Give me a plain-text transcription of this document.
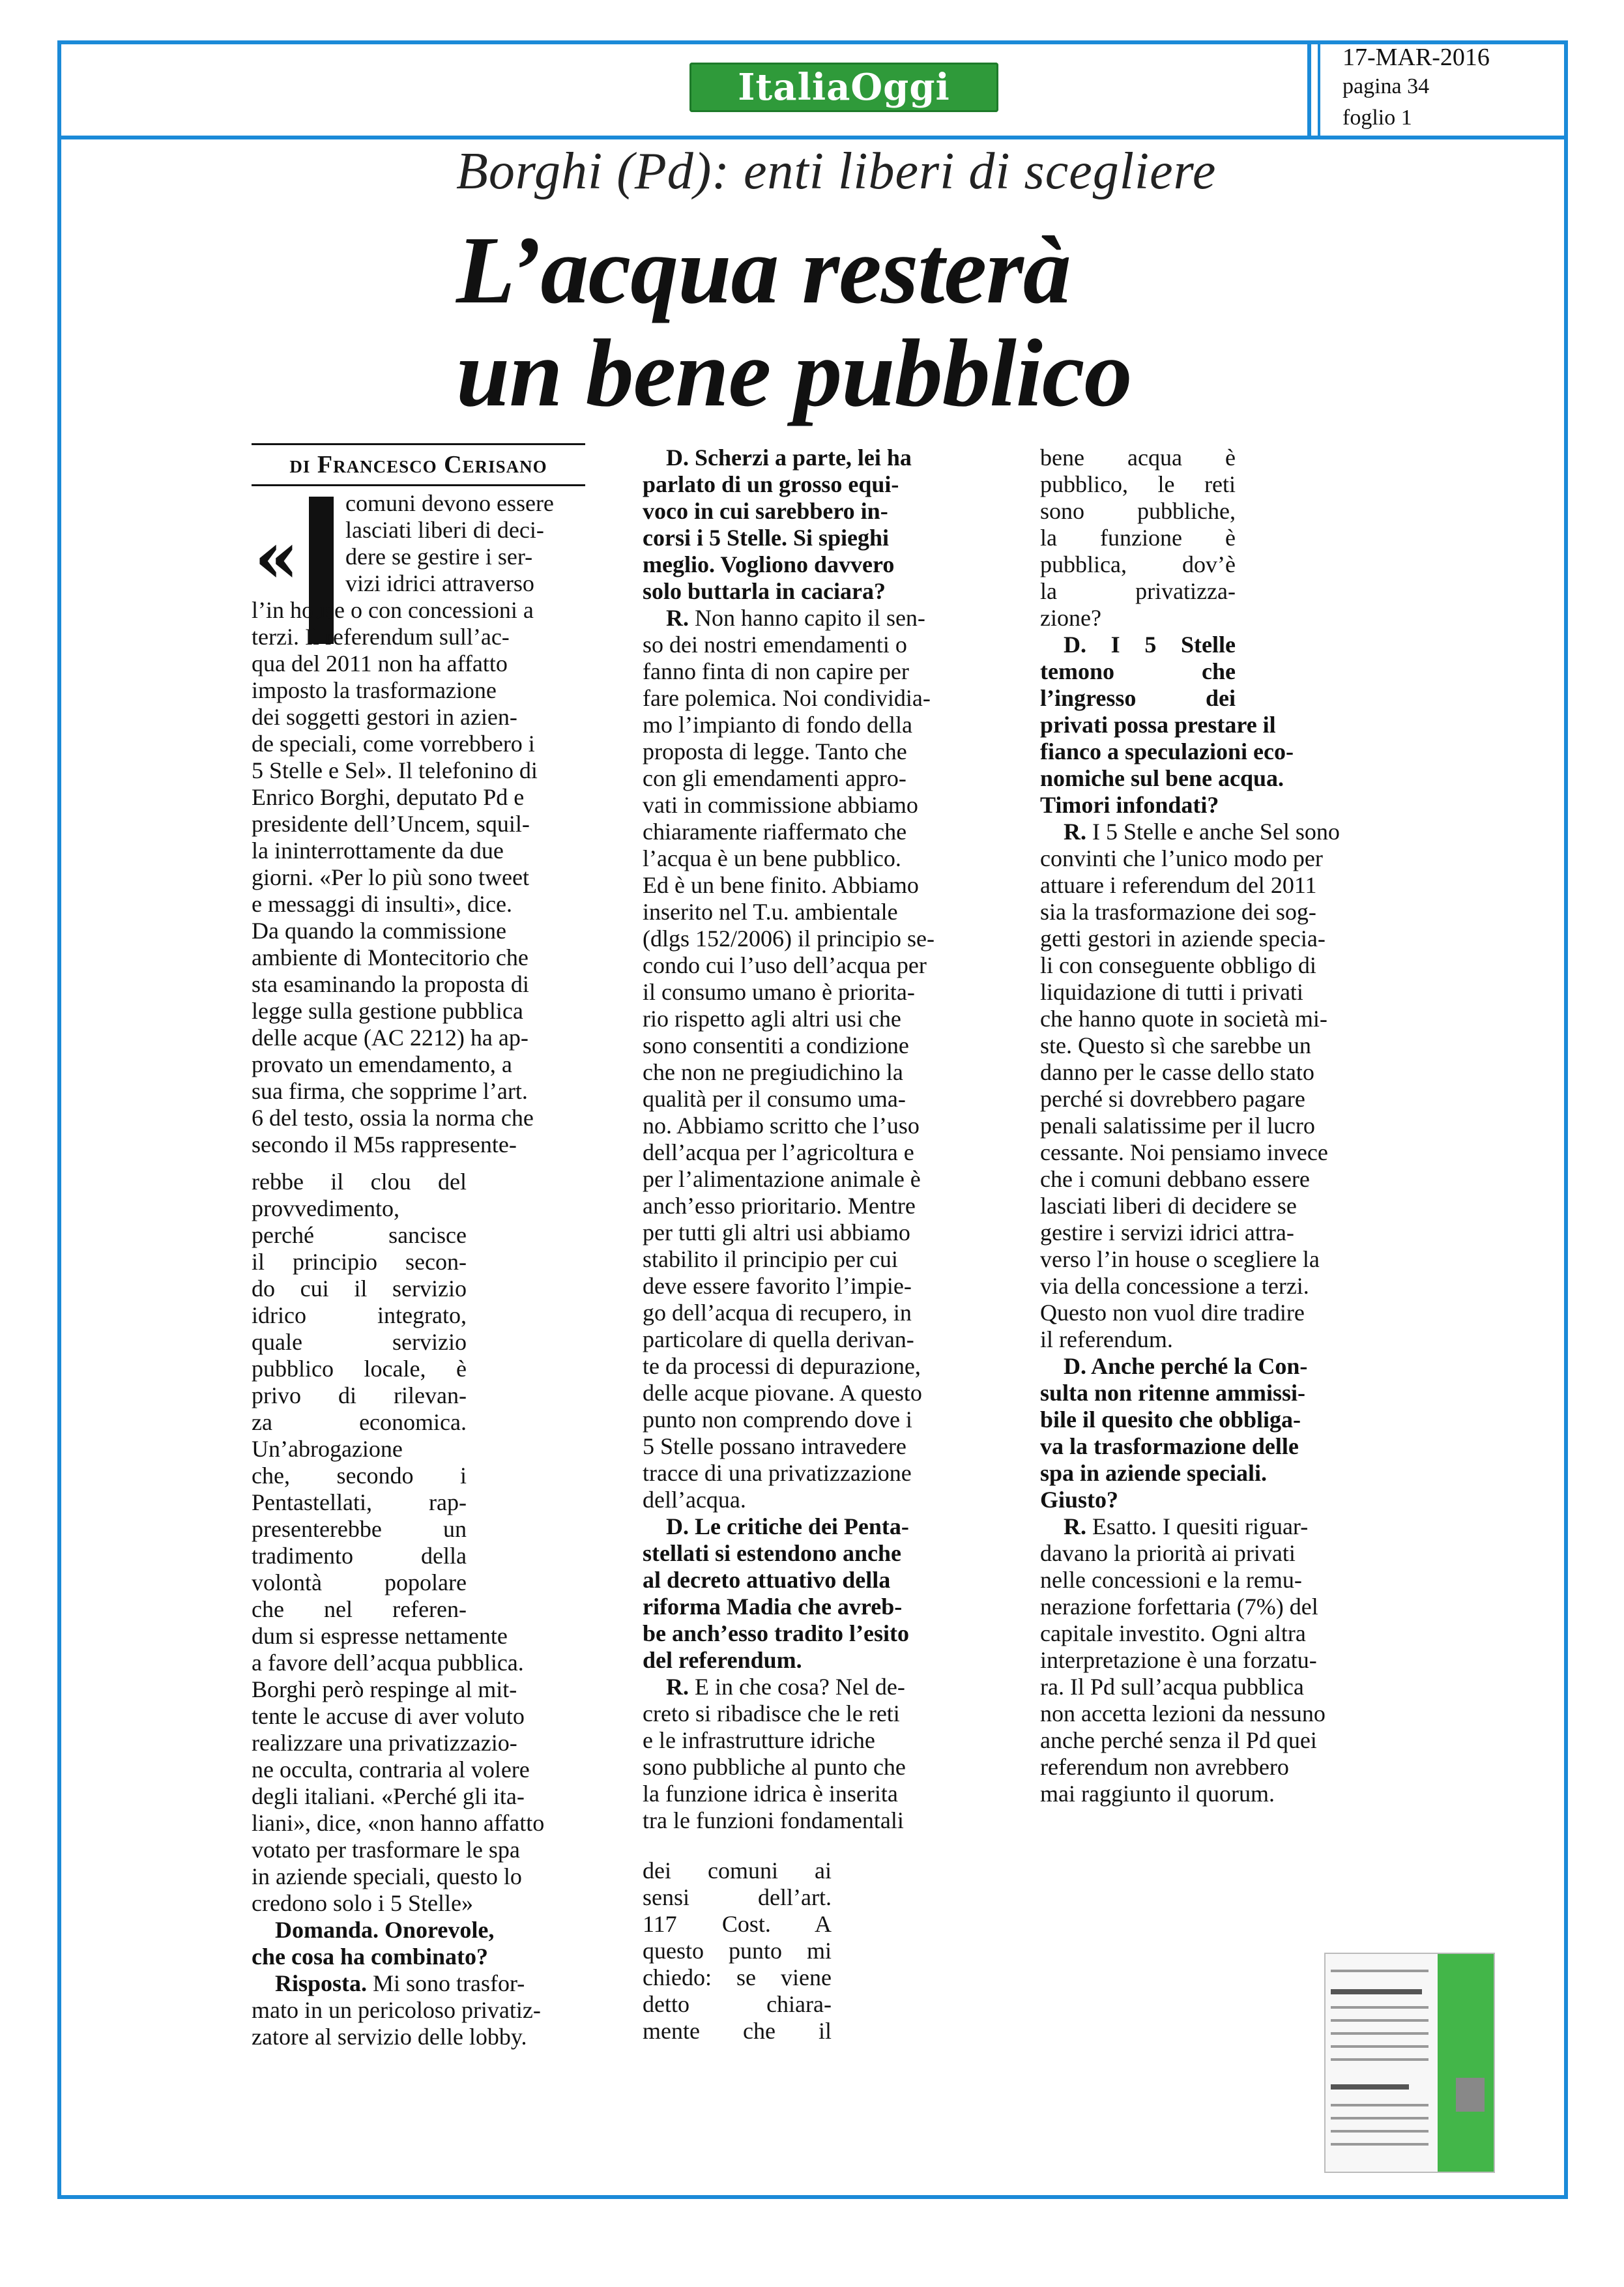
ItaliaOggi
17-MAR-2016
pagina 34
foglio 1
Borghi (Pd): enti liberi di scegliere
L’acqua resterà
un bene pubblico
di Francesco Cerisano
«

comuni devono essere

lasciati liberi di deci-

dere se gestire i ser-

vizi idrici attraverso

l’in house o con concessioni a

terzi. Il referendum sull’ac-

qua del 2011 non ha affatto

imposto la trasformazione

dei soggetti gestori in azien-

de speciali, come vorrebbero i

5 Stelle e Sel». Il telefonino di

Enrico Borghi, deputato Pd e

presidente dell’Uncem, squil-

la ininterrottamente da due

giorni. «Per lo più sono tweet

e messaggi di insulti», dice.

Da quando la commissione

ambiente di Montecitorio che

sta esaminando la proposta di

legge sulla gestione pubblica

delle acque (AC 2212) ha ap-

provato un emendamento, a

sua firma, che sopprime l’art.

6 del testo, ossia la norma che

secondo il M5s rappresente-

rebbe il clou del

provvedimento,

perché sancisce

il principio secon-

do cui il servizio

idrico integrato,

quale servizio

pubblico locale, è

privo di rilevan-

za economica.

Un’abrogazione

che, secondo i

Pentastellati, rap-

presenterebbe un

tradimento della

volontà popolare

che nel referen-

dum si espresse nettamente

a favore dell’acqua pubblica.

Borghi però respinge al mit-

tente le accuse di aver voluto

realizzare una privatizzazio-

ne occulta, contraria al volere

degli italiani. «Perché gli ita-

liani», dice, «non hanno affatto

votato per trasformare le spa

in aziende speciali, questo lo

credono solo i 5 Stelle»

Domanda. Onorevole,

che cosa ha combinato?

Risposta. Mi sono trasfor-

mato in un pericoloso privatiz-

zatore al servizio delle lobby.

D. Scherzi a parte, lei ha

parlato di un grosso equi-

voco in cui sarebbero in-

corsi i 5 Stelle. Si spieghi

meglio. Vogliono davvero

solo buttarla in caciara?

R. Non hanno capito il sen-

so dei nostri emendamenti o

fanno finta di non capire per

fare polemica. Noi condividia-

mo l’impianto di fondo della

proposta di legge. Tanto che

con gli emendamenti appro-

vati in commissione abbiamo

chiaramente riaffermato che

l’acqua è un bene pubblico.

Ed è un bene finito. Abbiamo

inserito nel T.u. ambientale

(dlgs 152/2006) il principio se-

condo cui l’uso dell’acqua per

il consumo umano è priorita-

rio rispetto agli altri usi che

sono consentiti a condizione

che non ne pregiudichino la

qualità per il consumo uma-

no. Abbiamo scritto che l’uso

dell’acqua per l’agricoltura e

per l’alimentazione animale è

anch’esso prioritario. Mentre

per tutti gli altri usi abbiamo

stabilito il principio per cui

deve essere favorito l’impie-

go dell’acqua di recupero, in

particolare di quella derivan-

te da processi di depurazione,

delle acque piovane. A questo

punto non comprendo dove i

5 Stelle possano intravedere

tracce di una privatizzazione

dell’acqua.

D. Le critiche dei Penta-

stellati si estendono anche

al decreto attuativo della

riforma Madia che avreb-

be anch’esso tradito l’esito

del referendum.

R. E in che cosa? Nel de-

creto si ribadisce che le reti

e le infrastrutture idriche

sono pubbliche al punto che

la funzione idrica è inserita

tra le funzioni fondamentali

dei comuni ai

sensi dell’art.

117 Cost. A

questo punto mi

chiedo: se viene

detto chiara-

mente che il

bene acqua è

pubblico, le reti

sono pubbliche,

la funzione è

pubblica, dov’è

la privatizza-

zione?

D. I 5 Stelle

temono che

l’ingresso dei

privati possa prestare il

fianco a speculazioni eco-

nomiche sul bene acqua.

Timori infondati?

R. I 5 Stelle e anche Sel sono

convinti che l’unico modo per

attuare i referendum del 2011

sia la trasformazione dei sog-

getti gestori in aziende specia-

li con conseguente obbligo di

liquidazione di tutti i privati

che hanno quote in società mi-

ste. Questo sì che sarebbe un

danno per le casse dello stato

perché si dovrebbero pagare

penali salatissime per il lucro

cessante. Noi pensiamo invece

che i comuni debbano essere

lasciati liberi di decidere se

gestire i servizi idrici attra-

verso l’in house o scegliere la

via della concessione a terzi.

Questo non vuol dire tradire

il referendum.

D. Anche perché la Con-

sulta non ritenne ammissi-

bile il quesito che obbliga-

va la trasformazione delle

spa in aziende speciali.

Giusto?

R. Esatto. I quesiti riguar-

davano la priorità ai privati

nelle concessioni e la remu-

nerazione forfettaria (7%) del

capitale investito. Ogni altra

interpretazione è una forzatu-

ra. Il Pd sull’acqua pubblica

non accetta lezioni da nessuno

anche perché senza il Pd quei

referendum non avrebbero

mai raggiunto il quorum.
